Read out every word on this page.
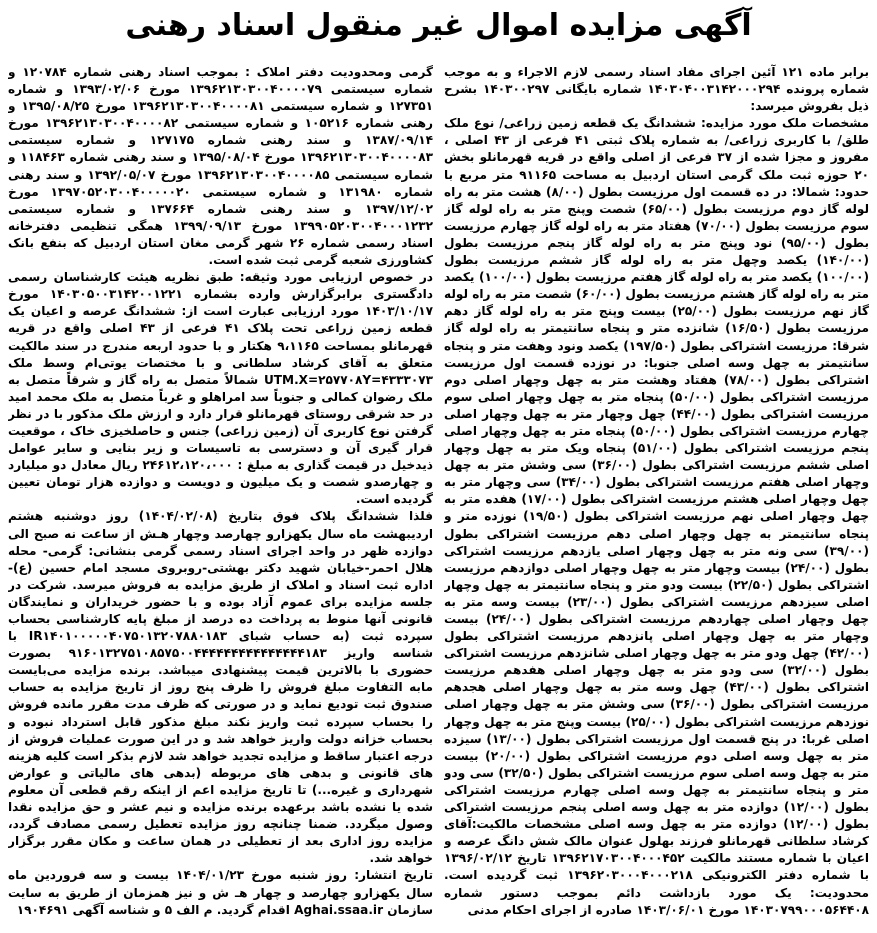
آگهی مزایده اموال غیر منقول اسناد رهنی

برابر ماده ۱۲۱ آئین اجرای مفاد اسناد رسمی لازم الاجراء و به موجب شماره پرونده ۱۴۰۳۰۴۰۰۳۱۴۲۰۰۰۲۹۴ شماره بایگانی ۱۴۰۳۰۰۲۹۷ بشرح ذیل بفروش میرسد:

مشخصات ملک مورد مزایده: ششدانگ یک قطعه زمین زراعی/ نوع ملک طلق/ با کاربری زراعی/ به شماره پلاک ثبتی ۴۱ فرعی از ۴۳ اصلی ، مفروز و مجزا شده از ۳۷ فرعی از اصلی واقع در قریه قهرمانلو بخش ۲۰ حوزه ثبت ملک گرمی استان اردبیل به مساحت ۹۱۱۶۵ متر مربع با حدود: شمالا: در ده قسمت اول مرزیست بطول (۸/۰۰) هشت متر به راه لوله گاز دوم مرزیست بطول (۶۵/۰۰) شصت وپنج متر به راه لوله گاز سوم مرزیست بطول (۷۰/۰۰) هفتاد متر به راه لوله گاز چهارم مرزیست بطول (۹۵/۰۰) نود وپنج متر به راه لوله گاز پنجم مرزیست بطول (۱۴۰/۰۰) یکصد وچهل متر به راه لوله گاز ششم مرزیست بطول (۱۰۰/۰۰) یکصد متر به راه لوله گاز هفتم مرزیست بطول (۱۰۰/۰۰) یکصد متر به راه لوله گاز هشتم مرزیست بطول (۶۰/۰۰) شصت متر به راه لوله گاز نهم مرزیست بطول (۲۵/۰۰) بیست وپنج متر به راه لوله گاز دهم مرزیست بطول (۱۶/۵۰) شانزده متر و پنجاه سانتیمتر به راه لوله گاز شرقا: مرزیست اشتراکی بطول (۱۹۷/۵۰) یکصد ونود وهفت متر و پنجاه سانتیمتر به چهل وسه اصلی جنوبا: در نوزده قسمت اول مرزیست اشتراکی بطول (۷۸/۰۰) هفتاد وهشت متر به چهل وچهار اصلی دوم مرزیست اشتراکی بطول (۵۰/۰۰) پنجاه متر به چهل وچهار اصلی سوم مرزیست اشتراکی بطول (۴۴/۰۰) چهل وچهار متر به چهل وچهار اصلی چهارم مرزیست اشتراکی بطول (۵۰/۰۰) پنجاه متر به چهل وچهار اصلی پنجم مرزیست اشتراکی بطول (۵۱/۰۰) پنجاه ویک متر به چهل وچهار اصلی ششم مرزیست اشتراکی بطول (۳۶/۰۰) سی وشش متر به چهل وچهار اصلی هفتم مرزیست اشتراکی بطول (۳۴/۰۰) سی وچهار متر به چهل وچهار اصلی هشتم مرزیست اشتراکی بطول (۱۷/۰۰) هفده متر به چهل وچهار اصلی نهم مرزیست اشتراکی بطول (۱۹/۵۰) نوزده متر و پنجاه سانتیمتر به چهل وچهار اصلی دهم مرزیست اشتراکی بطول (۳۹/۰۰) سی ونه متر به چهل وچهار اصلی یازدهم مرزیست اشتراکی بطول (۲۴/۰۰) بیست وچهار متر به چهل وچهار اصلی دوازدهم مرزیست اشتراکی بطول (۲۲/۵۰) بیست ودو متر و پنجاه سانتیمتر به چهل وچهار اصلی سیزدهم مرزیست اشتراکی بطول (۲۳/۰۰) بیست وسه متر به چهل وچهار اصلی چهاردهم مرزیست اشتراکی بطول (۲۴/۰۰) بیست وچهار متر به چهل وچهار اصلی پانزدهم مرزیست اشتراکی بطول (۴۲/۰۰) چهل ودو متر به چهل وچهار اصلی شانزدهم مرزیست اشتراکی بطول (۳۲/۰۰) سی ودو متر به چهل وچهار اصلی هفدهم مرزیست اشتراکی بطول (۴۳/۰۰) چهل وسه متر به چهل وچهار اصلی هجدهم مرزیست اشتراکی بطول (۳۶/۰۰) سی وشش متر به چهل وچهار اصلی نوزدهم مرزیست اشتراکی بطول (۲۵/۰۰) بیست وپنج متر به چهل وچهار اصلی غربا: در پنج قسمت اول مرزیست اشتراکی بطول (۱۳/۰۰) سیزده متر به چهل وسه اصلی دوم مرزیست اشتراکی بطول (۲۰/۰۰) بیست متر به چهل وسه اصلی سوم مرزیست اشتراکی بطول (۳۲/۵۰) سی ودو متر و پنجاه سانتیمتر به چهل وسه اصلی چهارم مرزیست اشتراکی بطول (۱۲/۰۰) دوازده متر به چهل وسه اصلی پنجم مرزیست اشتراکی بطول (۱۲/۰۰) دوازده متر به چهل وسه اصلی مشخصات مالکیت:آقای کرشاد سلطانی قهرمانلو فرزند بهلول عنوان مالک شش دانگ عرصه و اعیان با شماره مستند مالکیت ۱۳۹۶۲۱۷۰۳۰۰۴۰۰۰۴۵۲ تاریخ ۱۳۹۶/۰۲/۱۲ با شماره دفتر الکترونیکی ۱۳۹۶۲۰۳۰۰۰۴۰۰۰۲۱۸ ثبت گردیده است. محدودیت: یک مورد بازداشت دائم بموجب دستور شماره ۱۴۰۳۰۷۹۹۰۰۰۵۶۴۴۰۸ مورخ ۱۴۰۳/۰۶/۰۱ صادره از اجرای احکام مدنی

گرمی ومحدودیت دفتر املاک : بموجب اسناد رهنی شماره ۱۲۰۷۸۴ و شماره سیستمی ۱۳۹۶۲۱۳۰۳۰۰۴۰۰۰۰۷۹ مورخ ۱۳۹۳/۰۲/۰۶ و شماره ۱۲۷۳۵۱ و شماره سیستمی ۱۳۹۶۲۱۳۰۳۰۰۴۰۰۰۰۸۱ مورخ ۱۳۹۵/۰۸/۲۵ و رهنی شماره ۱۰۵۲۱۶ و شماره سیستمی ۱۳۹۶۲۱۳۰۳۰۰۴۰۰۰۰۸۲ مورخ ۱۳۸۷/۰۹/۱۴ و سند رهنی شماره ۱۲۷۱۷۵ و شماره سیستمی ۱۳۹۶۲۱۳۰۳۰۰۴۰۰۰۰۸۳ مورخ ۱۳۹۵/۰۸/۰۴ و سند رهنی شماره ۱۱۸۴۶۳ و شماره سیستمی ۱۳۹۶۲۱۳۰۳۰۰۴۰۰۰۰۸۵ مورخ ۱۳۹۲/۰۵/۰۷ و سند رهنی شماره ۱۳۱۹۸۰ و شماره سیستمی ۱۳۹۷۰۵۲۰۳۰۰۴۰۰۰۰۰۲۰ مورخ ۱۳۹۷/۱۲/۰۲ و سند رهنی شماره ۱۳۷۶۶۴ و شماره سیستمی ۱۳۹۹۰۵۲۰۳۰۰۴۰۰۰۱۲۳۲ مورخ ۱۳۹۹/۰۹/۱۳ همگی تنظیمی دفترخانه اسناد رسمی شماره ۲۶ شهر گرمی مغان استان اردبیل که بنفع بانک کشاورزی شعبه گرمی ثبت شده است.

در خصوص ارزیابی مورد وثیقه: طبق نظریه هیئت کارشناسان رسمی دادگستری برابرگزارش وارده بشماره ۱۴۰۳۰۵۰۰۳۱۴۲۰۰۱۲۲۱ مورخ ۱۴۰۳/۱۰/۱۷ مورد ارزیابی عبارت است از: ششدانگ عرصه و اعیان یک قطعه زمین زراعی تحت پلاک ۴۱ فرعی از ۴۳ اصلی واقع در قریه قهرمانلو بمساحت ۹،۱۱۶۵ هکتار و با حدود اربعه مندرج در سند مالکیت متعلق به آقای کرشاد سلطانی و با مختصات یوتی‌ام وسط ملک UTM.X=۲۵۷۷۰۸Y=۴۳۳۳۰۷۳ شمالاً متصل به راه گاز و شرقاً متصل به ملک رضوان کمالی و جنوباً سد امراهلو و غرباً متصل به ملک محمد امید در حد شرقی روستای قهرمانلو قرار دارد و ارزش ملک مذکور با در نظر گرفتن نوع کاربری آن (زمین زراعی) جنس و حاصلخیزی خاک ، موقعیت قرار گیری آن و دسترسی به تاسیسات و زیر بنایی و سایر عوامل ذیدخیل در قیمت گذاری به مبلغ : ۲۴۶۱۲،۱۲۰،۰۰۰ ریال معادل دو میلیارد و چهارصدو شصت و یک میلیون و دویست و دوازده هزار تومان تعیین گردیده است.

فلذا ششدانگ پلاک فوق بتاریخ (۱۴۰۴/۰۲/۰۸) روز دوشنبه هشتم اردیبهشت ماه سال یکهزارو چهارصد وچهار هـش از ساعت نه صبح الی دوازده ظهر در واحد اجرای اسناد رسمی گرمی بنشانی: گرمی- محله هلال احمر-خیابان شهید دکتر بهشتی-روبروی مسجد امام حسین (ع)- اداره ثبت اسناد و املاک از طریق مزایده به فروش میرسد. شرکت در جلسه مزایده برای عموم آزاد بوده و با حضور خریداران و نمایندگان قانونی آنها منوط به پرداخت ده درصد از مبلغ پایه کارشناسی بحساب سپرده ثبت (به حساب شبای IR۱۴۰۱۰۰۰۰۰۴۰۷۵۰۱۳۲۰۷۸۸۰۱۸۳ با شناسه واریز ۹۱۶۰۱۳۲۷۵۱۰۸۵۷۵۰۰۴۴۴۴۴۴۴۴۴۴۴۴۴۴۴۱۸۳ بصورت حضوری با بالاترین قیمت پیشنهادی میباشد. برنده مزایده می‌بایست مابه التفاوت مبلغ فروش را ظرف پنج روز از تاریخ مزایده به حساب صندوق ثبت تودیع نماید و در صورتی که ظرف مدت مقرر مانده فروش را بحساب سپرده ثبت واریز نکند مبلغ مذکور قابل استرداد نبوده و بحساب خزانه دولت واریز خواهد شد و در این صورت عملیات فروش از درجه اعتبار ساقط و مزایده تجدید خواهد شد لازم بذکر است کلیه هزینه های قانونی و بدهی های مربوطه (بدهی های مالیاتی و عوارض شهرداری و غیره...) تا تاریخ مزایده اعم از اینکه رقم قطعی آن معلوم شده یا نشده باشد برعهده برنده مزایده و نیم عشر و حق مزایده نقدا وصول میگردد. ضمنا چنانچه روز مزایده تعطیل رسمی مصادف گردد، مزایده روز اداری بعد از تعطیلی در همان ساعت و مکان مقرر برگزار خواهد شد.

تاریخ انتشار: روز شنبه مورخ ۱۴۰۴/۰۱/۲۳ بیست و سه فروردین ماه سال یکهزارو چهارصد و چهار هـ ش و نیز همزمان از طریق به سایت سازمان Aghai.ssaa.ir اقدام گردید. م الف ۵ و شناسه آگهی ۱۹۰۴۶۹۱
